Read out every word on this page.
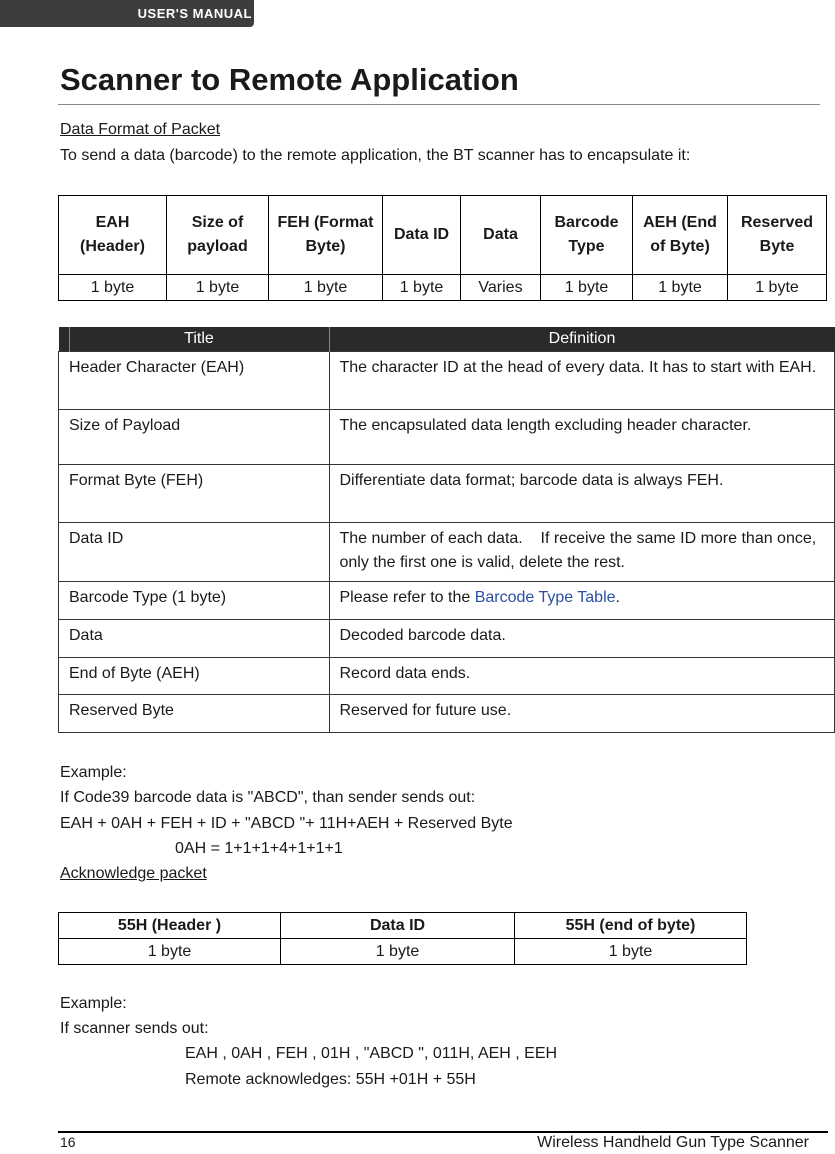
USER'S MANUAL
Scanner to Remote Application
Data Format of Packet
To send a data (barcode) to the remote application, the BT scanner has to encapsulate it:
EAH (Header)	Size of payload	FEH (Format Byte)	Data ID	Data	Barcode Type	AEH (End of Byte)	Reserved Byte
1 byte	1 byte	1 byte	1 byte	Varies	1 byte	1 byte	1 byte
	Title	Definition
Header Character (EAH)		The character ID at the head of every data. It has to start with EAH.
Size of Payload		The encapsulated data length excluding header character.
Format Byte (FEH)		Differentiate data format; barcode data is always FEH.
Data ID		The number of each data.    If receive the same ID more than once, only the first one is valid, delete the rest.
Barcode Type (1 byte)		Please refer to the Barcode Type Table.
Data		Decoded barcode data.
End of Byte (AEH)		Record data ends.
Reserved Byte		Reserved for future use.
Example:
If Code39 barcode data is "ABCD", than sender sends out:
EAH + 0AH + FEH + ID + "ABCD "+ 11H+AEH + Reserved Byte
0AH = 1+1+1+4+1+1+1
Acknowledge packet
55H (Header )	Data ID	55H (end of byte)
1 byte	1 byte	1 byte
Example:
If scanner sends out:
EAH , 0AH , FEH , 01H , "ABCD ", 011H, AEH , EEH
Remote acknowledges: 55H +01H + 55H
16	Wireless Handheld Gun Type Scanner
